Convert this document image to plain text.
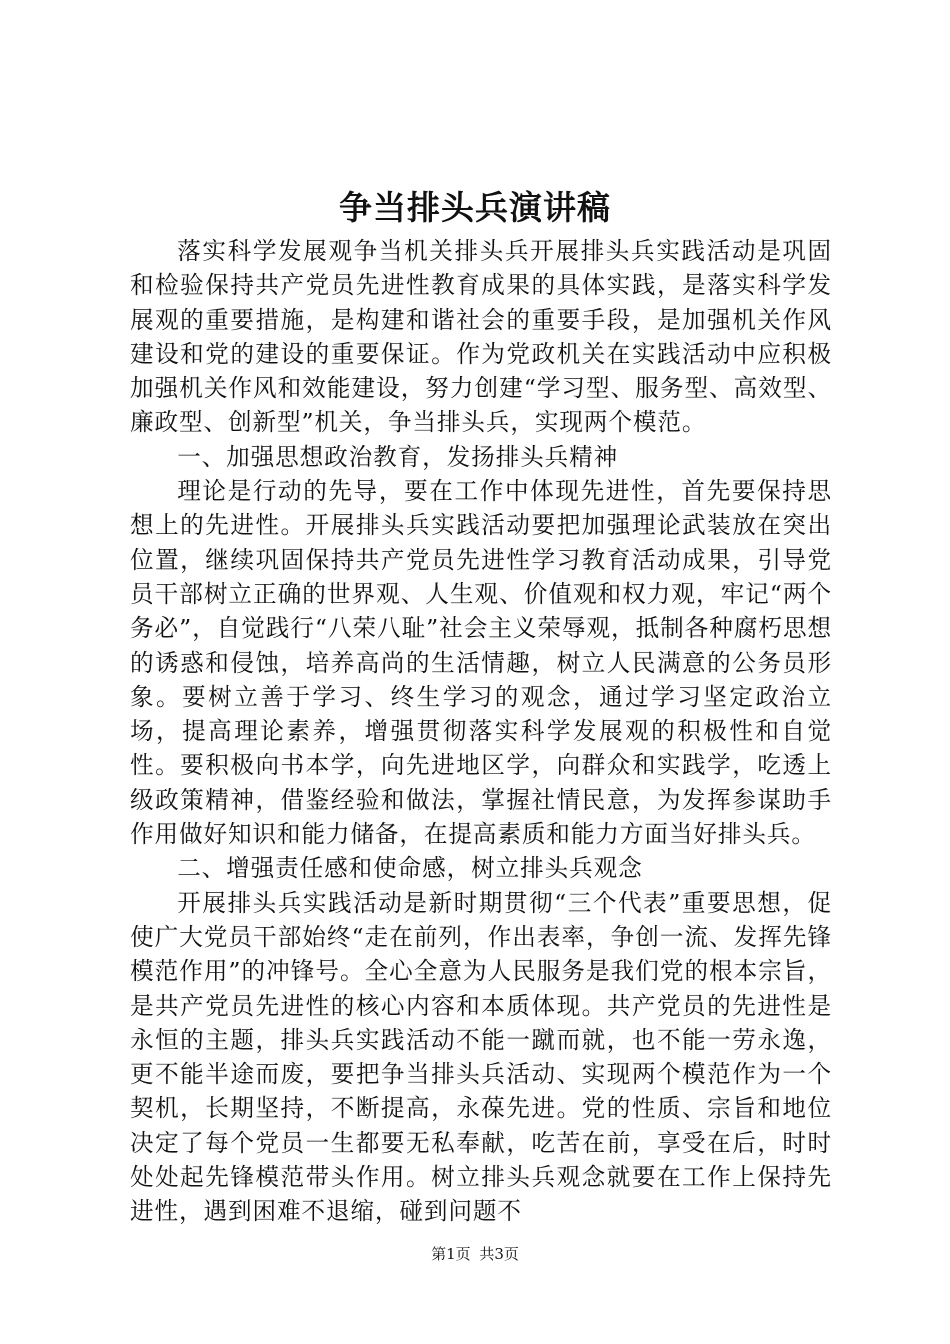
争当排头兵演讲稿

落实科学发展观争当机关排头兵开展排头兵实践活动是巩固和检验保持共产党员先进性教育成果的具体实践，是落实科学发展观的重要措施，是构建和谐社会的重要手段，是加强机关作风建设和党的建设的重要保证。作为党政机关在实践活动中应积极加强机关作风和效能建设，努力创建“学习型、服务型、高效型、廉政型、创新型”机关，争当排头兵，实现两个模范。

一、加强思想政治教育，发扬排头兵精神

理论是行动的先导，要在工作中体现先进性，首先要保持思想上的先进性。开展排头兵实践活动要把加强理论武装放在突出位置，继续巩固保持共产党员先进性学习教育活动成果，引导党员干部树立正确的世界观、人生观、价值观和权力观，牢记“两个务必”，自觉践行“八荣八耻”社会主义荣辱观，抵制各种腐朽思想的诱惑和侵蚀，培养高尚的生活情趣，树立人民满意的公务员形象。要树立善于学习、终生学习的观念，通过学习坚定政治立场，提高理论素养，增强贯彻落实科学发展观的积极性和自觉性。要积极向书本学，向先进地区学，向群众和实践学，吃透上级政策精神，借鉴经验和做法，掌握社情民意，为发挥参谋助手作用做好知识和能力储备，在提高素质和能力方面当好排头兵。

二、增强责任感和使命感，树立排头兵观念

开展排头兵实践活动是新时期贯彻“三个代表”重要思想，促使广大党员干部始终“走在前列，作出表率，争创一流、发挥先锋模范作用”的冲锋号。全心全意为人民服务是我们党的根本宗旨，是共产党员先进性的核心内容和本质体现。共产党员的先进性是永恒的主题，排头兵实践活动不能一蹴而就，也不能一劳永逸，更不能半途而废，要把争当排头兵活动、实现两个模范作为一个契机，长期坚持，不断提高，永葆先进。党的性质、宗旨和地位决定了每个党员一生都要无私奉献，吃苦在前，享受在后，时时处处起先锋模范带头作用。树立排头兵观念就要在工作上保持先进性，遇到困难不退缩，碰到问题不

第1页 共3页
